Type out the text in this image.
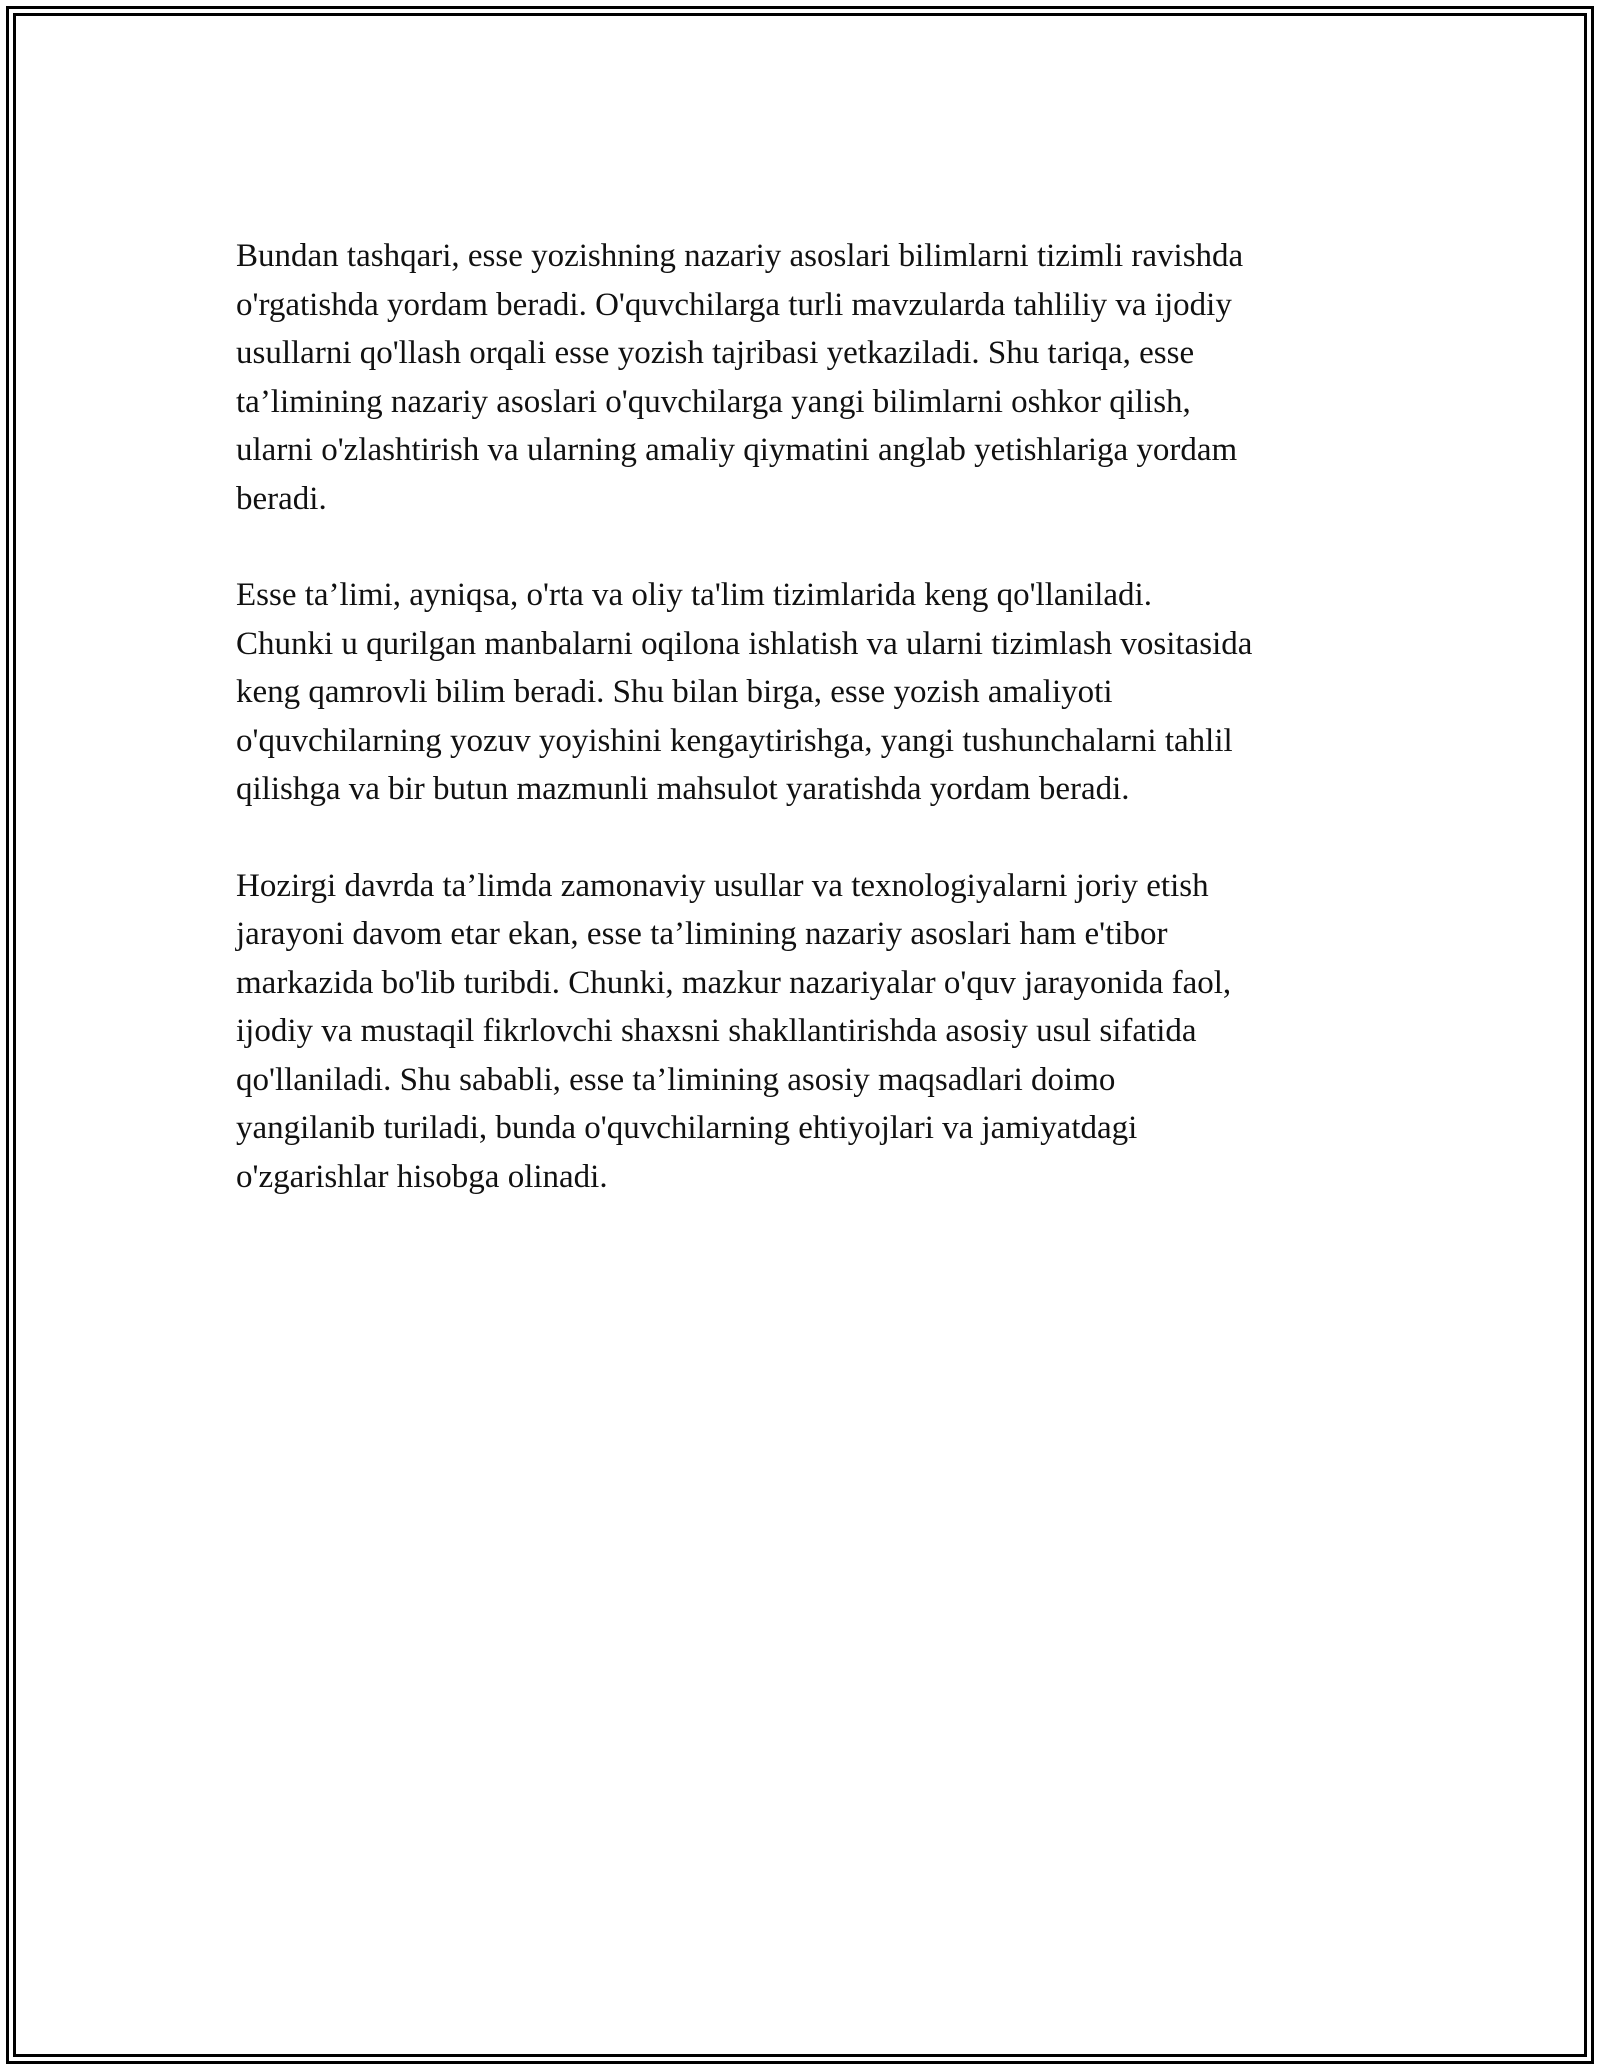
Bundan tashqari, esse yozishning nazariy asoslari bilimlarni tizimli ravishda
o'rgatishda yordam beradi. O'quvchilarga turli mavzularda tahliliy va ijodiy
usullarni qo'llash orqali esse yozish tajribasi yetkaziladi. Shu tariqa, esse
ta’limining nazariy asoslari o'quvchilarga yangi bilimlarni oshkor qilish,
ularni o'zlashtirish va ularning amaliy qiymatini anglab yetishlariga yordam
beradi.

Esse ta’limi, ayniqsa, o'rta va oliy ta'lim tizimlarida keng qo'llaniladi.
Chunki u qurilgan manbalarni oqilona ishlatish va ularni tizimlash vositasida
keng qamrovli bilim beradi. Shu bilan birga, esse yozish amaliyoti
o'quvchilarning yozuv yoyishini kengaytirishga, yangi tushunchalarni tahlil
qilishga va bir butun mazmunli mahsulot yaratishda yordam beradi.

Hozirgi davrda ta’limda zamonaviy usullar va texnologiyalarni joriy etish
jarayoni davom etar ekan, esse ta’limining nazariy asoslari ham e'tibor
markazida bo'lib turibdi. Chunki, mazkur nazariyalar o'quv jarayonida faol,
ijodiy va mustaqil fikrlovchi shaxsni shakllantirishda asosiy usul sifatida
qo'llaniladi. Shu sababli, esse ta’limining asosiy maqsadlari doimo
yangilanib turiladi, bunda o'quvchilarning ehtiyojlari va jamiyatdagi
o'zgarishlar hisobga olinadi.
